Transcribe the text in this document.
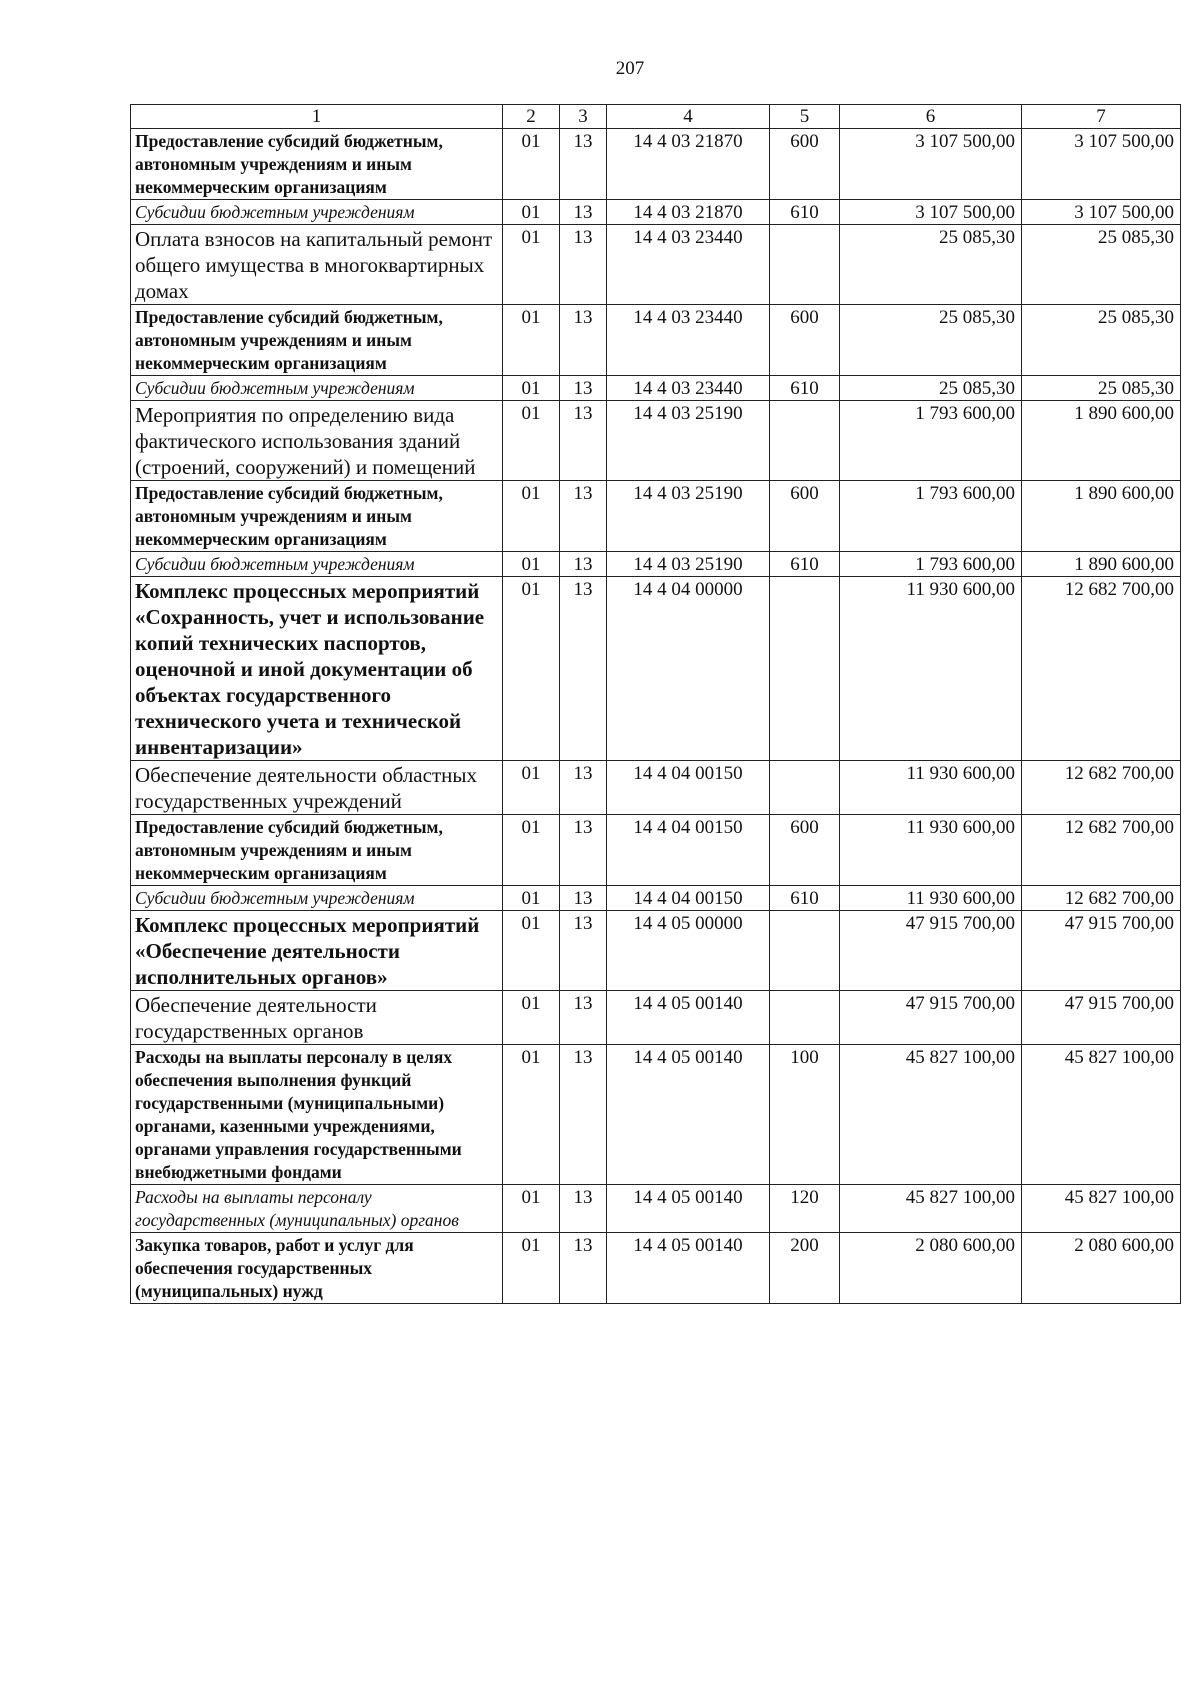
207
1	2	3	4	5	6	7
Предоставление субсидий бюджетным, автономным учреждениям и иным некоммерческим организациям	01	13	14 4 03 21870	600	3 107 500,00	3 107 500,00
Субсидии бюджетным учреждениям	01	13	14 4 03 21870	610	3 107 500,00	3 107 500,00
Оплата взносов на капитальный ремонт общего имущества в многоквартирных домах	01	13	14 4 03 23440		25 085,30	25 085,30
Предоставление субсидий бюджетным, автономным учреждениям и иным некоммерческим организациям	01	13	14 4 03 23440	600	25 085,30	25 085,30
Субсидии бюджетным учреждениям	01	13	14 4 03 23440	610	25 085,30	25 085,30
Мероприятия по определению вида фактического использования зданий (строений, сооружений) и помещений	01	13	14 4 03 25190		1 793 600,00	1 890 600,00
Предоставление субсидий бюджетным, автономным учреждениям и иным некоммерческим организациям	01	13	14 4 03 25190	600	1 793 600,00	1 890 600,00
Субсидии бюджетным учреждениям	01	13	14 4 03 25190	610	1 793 600,00	1 890 600,00
Комплекс процессных мероприятий «Сохранность, учет и использование копий технических паспортов, оценочной и иной документации об объектах государственного технического учета и технической инвентаризации»	01	13	14 4 04 00000		11 930 600,00	12 682 700,00
Обеспечение деятельности областных государственных учреждений	01	13	14 4 04 00150		11 930 600,00	12 682 700,00
Предоставление субсидий бюджетным, автономным учреждениям и иным некоммерческим организациям	01	13	14 4 04 00150	600	11 930 600,00	12 682 700,00
Субсидии бюджетным учреждениям	01	13	14 4 04 00150	610	11 930 600,00	12 682 700,00
Комплекс процессных мероприятий «Обеспечение деятельности исполнительных органов»	01	13	14 4 05 00000		47 915 700,00	47 915 700,00
Обеспечение деятельности государственных органов	01	13	14 4 05 00140		47 915 700,00	47 915 700,00
Расходы на выплаты персоналу в целях обеспечения выполнения функций государственными (муниципальными) органами, казенными учреждениями, органами управления государственными внебюджетными фондами	01	13	14 4 05 00140	100	45 827 100,00	45 827 100,00
Расходы на выплаты персоналу государственных (муниципальных) органов	01	13	14 4 05 00140	120	45 827 100,00	45 827 100,00
Закупка товаров, работ и услуг для обеспечения государственных (муниципальных) нужд	01	13	14 4 05 00140	200	2 080 600,00	2 080 600,00
